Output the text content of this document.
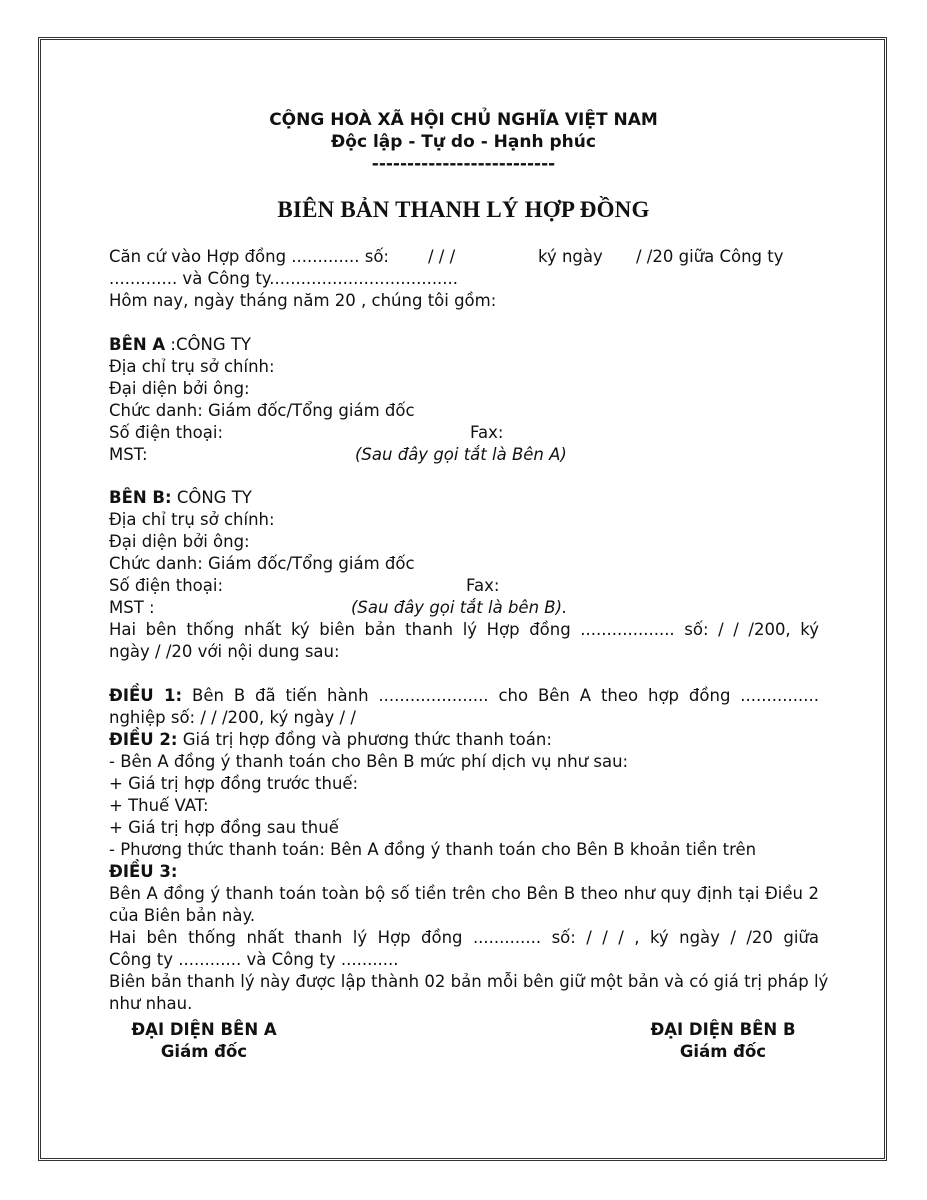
CỘNG HOÀ XÃ HỘI CHỦ NGHĨA VIỆT NAM
Độc lập - Tự do - Hạnh phúc
--------------------------
BIÊN BẢN THANH LÝ HỢP ĐỒNG
Căn cứ vào Hợp đồng ............. số: / / /	ký ngày / /20 giữa Công ty
............. và Công ty....................................
Hôm nay, ngày tháng năm 20 , chúng tôi gồm:
BÊN A :CÔNG TY
Địa chỉ trụ sở chính:
Đại diện bởi ông:
Chức danh: Giám đốc/Tổng giám đốc
Số điện thoại:	Fax:
MST:	(Sau đây gọi tắt là Bên A)
BÊN B: CÔNG TY
Địa chỉ trụ sở chính:
Đại diện bởi ông:
Chức danh: Giám đốc/Tổng giám đốc
Số điện thoại:	Fax:
MST :	(Sau đây gọi tắt là bên B).
Hai bên thống nhất ký biên bản thanh lý Hợp đồng .................. số: / / /200, ký
ngày / /20 với nội dung sau:
ĐIỀU 1: Bên B đã tiến hành ..................... cho Bên A theo hợp đồng ...............
nghiệp số: / / /200, ký ngày / /
ĐIỀU 2: Giá trị hợp đồng và phương thức thanh toán:
- Bên A đồng ý thanh toán cho Bên B mức phí dịch vụ như sau:
+ Giá trị hợp đồng trước thuế:
+ Thuế VAT:
+ Giá trị hợp đồng sau thuế
- Phương thức thanh toán: Bên A đồng ý thanh toán cho Bên B khoản tiền trên
ĐIỀU 3:
Bên A đồng ý thanh toán toàn bộ số tiền trên cho Bên B theo như quy định tại Điều 2
của Biên bản này.
Hai bên thống nhất thanh lý Hợp đồng ............. số: / / / , ký ngày / /20 giữa
Công ty ............ và Công ty ...........
Biên bản thanh lý này được lập thành 02 bản mỗi bên giữ một bản và có giá trị pháp lý
như nhau.
ĐẠI DIỆN BÊN A
Giám đốc
ĐẠI DIỆN BÊN B
Giám đốc
